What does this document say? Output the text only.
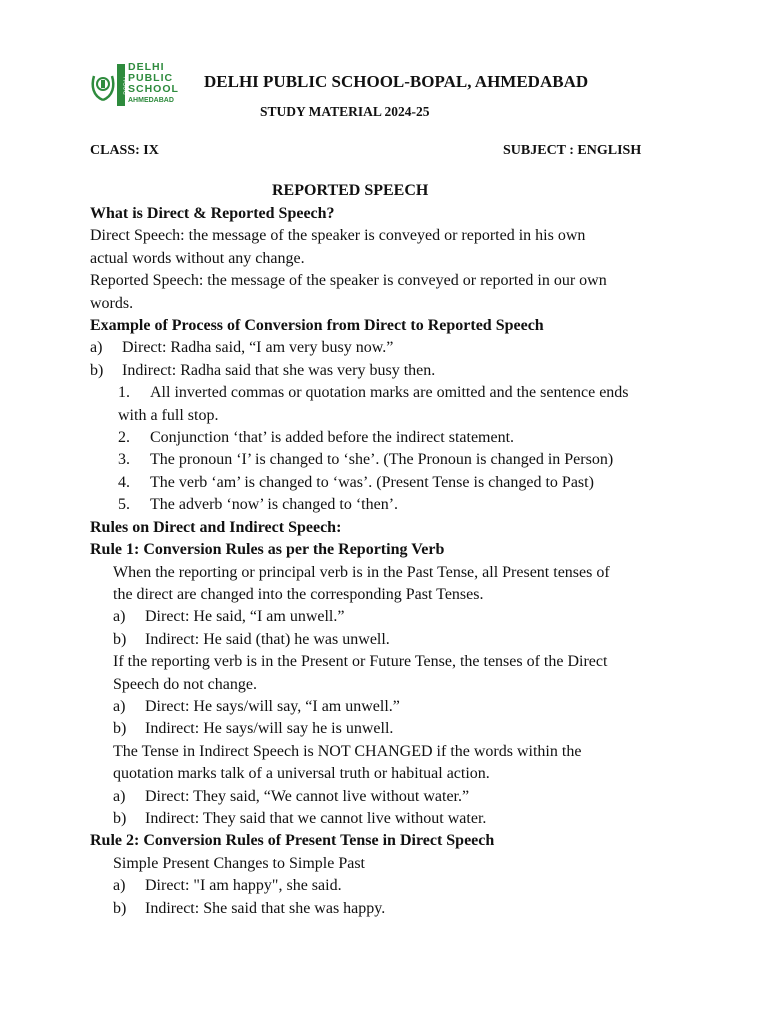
BOPAL
DELHI
PUBLIC
SCHOOL
AHMEDABAD
DELHI PUBLIC SCHOOL-BOPAL, AHMEDABAD
STUDY MATERIAL 2024-25
CLASS: IX	SUBJECT : ENGLISH
REPORTED SPEECH

What is Direct & Reported Speech?

Direct Speech: the message of the speaker is conveyed or reported in his own

actual words without any change.

Reported Speech: the message of the speaker is conveyed or reported in our own

words.

Example of Process of Conversion from Direct to Reported Speech

a) Direct: Radha said, “I am very busy now.”

b) Indirect: Radha said that she was very busy then.

1. All inverted commas or quotation marks are omitted and the sentence ends

with a full stop.

2. Conjunction ‘that’ is added before the indirect statement.

3. The pronoun ‘I’ is changed to ‘she’. (The Pronoun is changed in Person)

4. The verb ‘am’ is changed to ‘was’. (Present Tense is changed to Past)

5. The adverb ‘now’ is changed to ‘then’.

Rules on Direct and Indirect Speech:

Rule 1: Conversion Rules as per the Reporting Verb

When the reporting or principal verb is in the Past Tense, all Present tenses of

the direct are changed into the corresponding Past Tenses.

a) Direct: He said, “I am unwell.”

b) Indirect: He said (that) he was unwell.

If the reporting verb is in the Present or Future Tense, the tenses of the Direct

Speech do not change.

a) Direct: He says/will say, “I am unwell.”

b) Indirect: He says/will say he is unwell.

The Tense in Indirect Speech is NOT CHANGED if the words within the

quotation marks talk of a universal truth or habitual action.

a) Direct: They said, “We cannot live without water.”

b) Indirect: They said that we cannot live without water.

Rule 2: Conversion Rules of Present Tense in Direct Speech

Simple Present Changes to Simple Past

a) Direct: "I am happy", she said.

b) Indirect: She said that she was happy.
